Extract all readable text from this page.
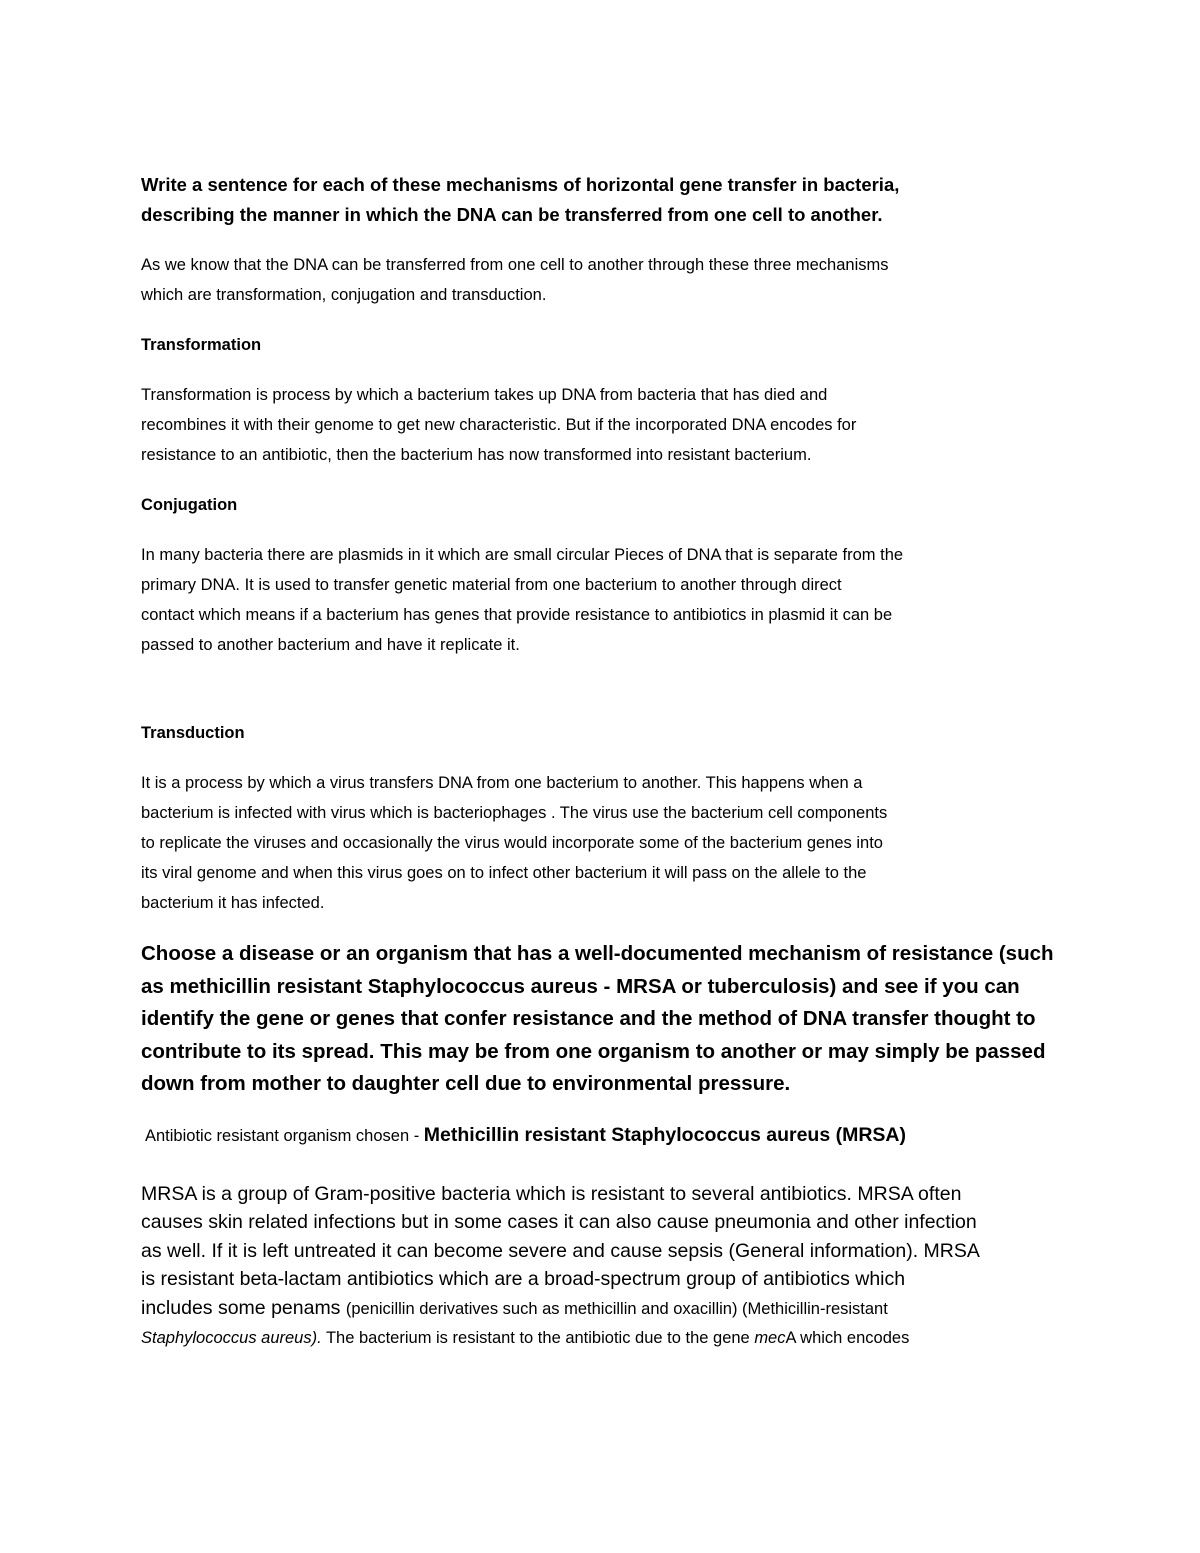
Write a sentence for each of these mechanisms of horizontal gene transfer in bacteria,
describing the manner in which the DNA can be transferred from one cell to another.
As we know that the DNA can be transferred from one cell to another through these three mechanisms
which are transformation, conjugation and transduction.
Transformation
Transformation is process by which a bacterium takes up DNA from bacteria that has died and
recombines it with their genome to get new characteristic. But if the incorporated DNA encodes for
resistance to an antibiotic, then the bacterium has now transformed into resistant bacterium.
Conjugation
In many bacteria there are plasmids in it which are small circular Pieces of DNA that is separate from the
primary DNA. It is used to transfer genetic material from one bacterium to another through direct
contact which means if a bacterium has genes that provide resistance to antibiotics in plasmid it can be
passed to another bacterium and have it replicate it.
Transduction
It is a process by which a virus transfers DNA from one bacterium to another. This happens when a
bacterium is infected with virus which is bacteriophages . The virus use the bacterium cell components
to replicate the viruses and occasionally the virus would incorporate some of the bacterium genes into
its viral genome and when this virus goes on to infect other bacterium it will pass on the allele to the
bacterium it has infected.
Choose a disease or an organism that has a well-documented mechanism of resistance (such
as methicillin resistant Staphylococcus aureus - MRSA or tuberculosis) and see if you can
identify the gene or genes that confer resistance and the method of DNA transfer thought to
contribute to its spread. This may be from one organism to another or may simply be passed
down from mother to daughter cell due to environmental pressure.
Antibiotic resistant organism chosen - Methicillin resistant Staphylococcus aureus (MRSA)
MRSA is a group of Gram-positive bacteria which is resistant to several antibiotics. MRSA often
causes skin related infections but in some cases it can also cause pneumonia and other infection
as well. If it is left untreated it can become severe and cause sepsis (General information). MRSA
is resistant beta-lactam antibiotics which are a broad-spectrum group of antibiotics which
includes some penams (penicillin derivatives such as methicillin and oxacillin) (Methicillin-resistant
Staphylococcus aureus). The bacterium is resistant to the antibiotic due to the gene mecA which encodes
